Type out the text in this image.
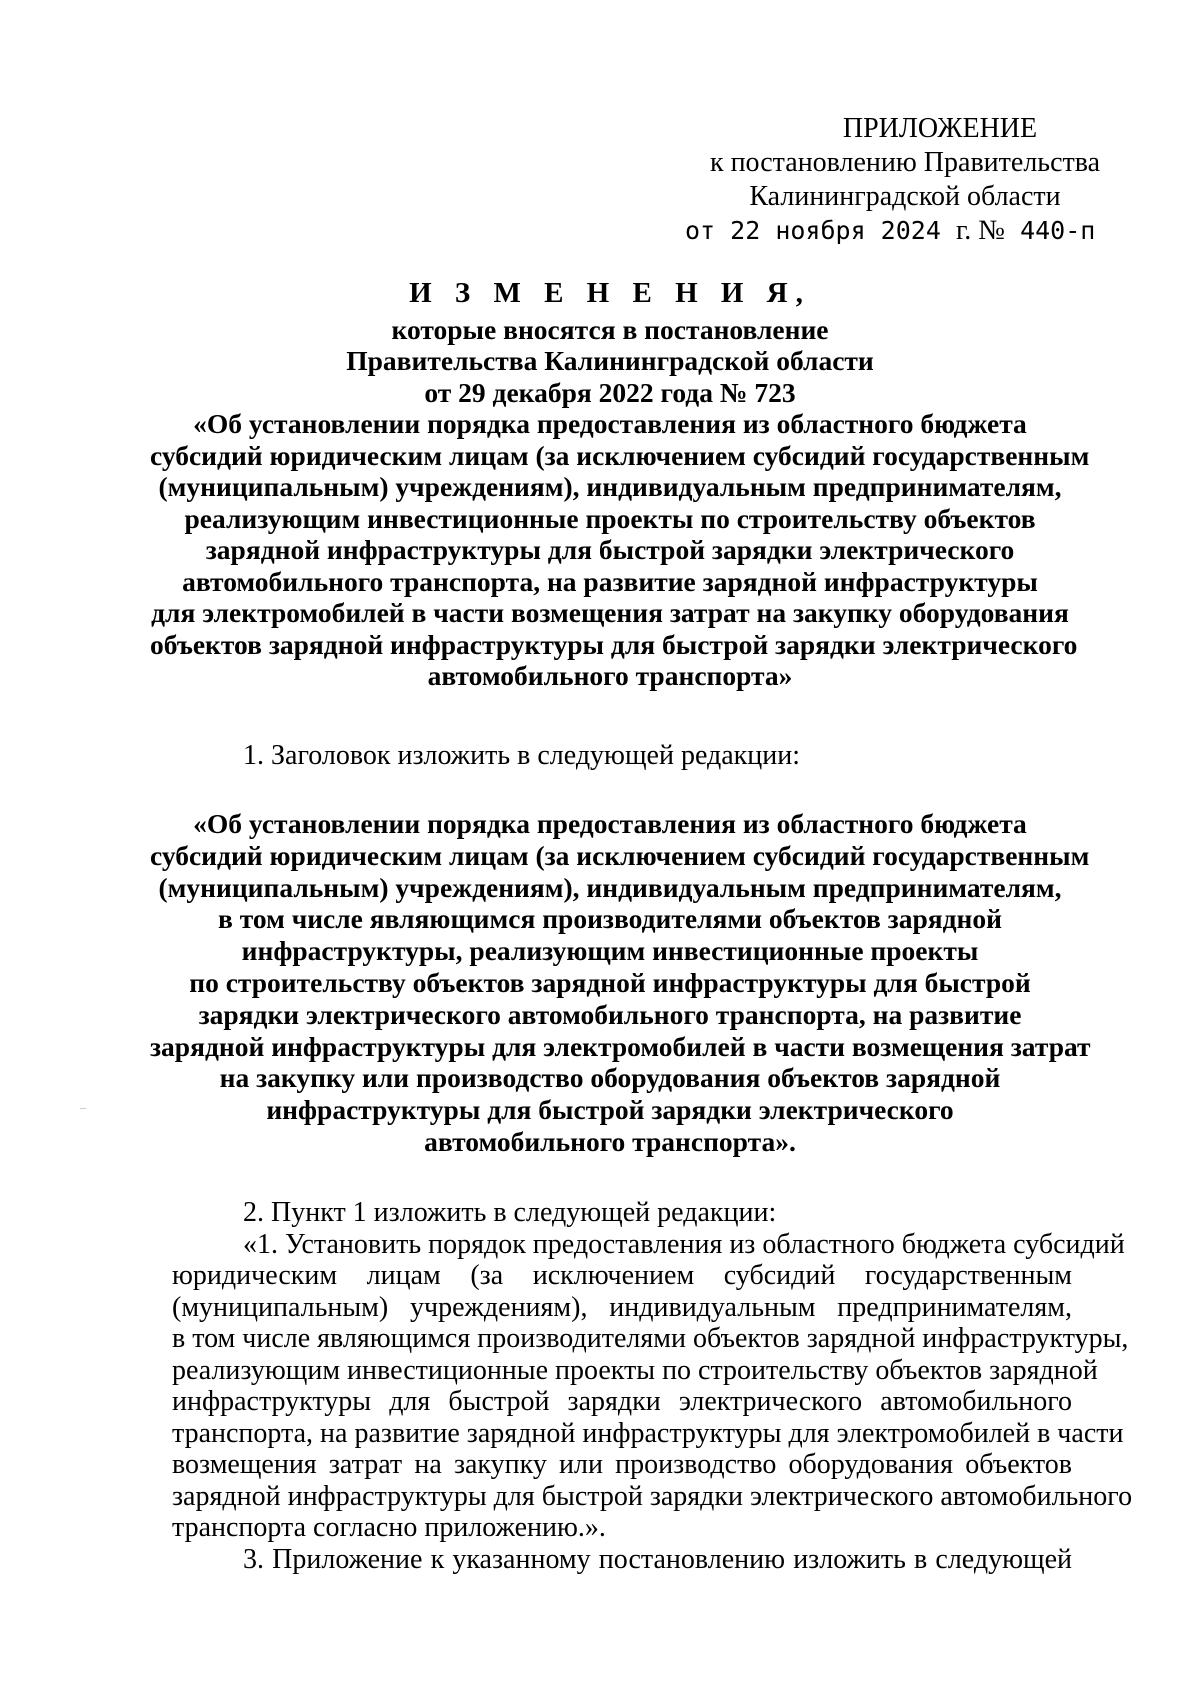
ПРИЛОЖЕНИЕ
к постановлению Правительства
Калининградской области
от 22 ноября 2024 г. № 440-п
И З М Е Н Е Н И Я,
которые вносятся в постановление
Правительства Калининградской области
от 29 декабря 2022 года № 723
«Об установлении порядка предоставления из областного бюджета
субсидий юридическим лицам (за исключением субсидий государственным
(муниципальным) учреждениям), индивидуальным предпринимателям,
реализующим инвестиционные проекты по строительству объектов
зарядной инфраструктуры для быстрой зарядки электрического
автомобильного транспорта, на развитие зарядной инфраструктуры
для электромобилей в части возмещения затрат на закупку оборудования
объектов зарядной инфраструктуры для быстрой зарядки электрического
автомобильного транспорта»
1. Заголовок изложить в следующей редакции:
«Об установлении порядка предоставления из областного бюджета
субсидий юридическим лицам (за исключением субсидий государственным
(муниципальным) учреждениям), индивидуальным предпринимателям,
в том числе являющимся производителями объектов зарядной
инфраструктуры, реализующим инвестиционные проекты
по строительству объектов зарядной инфраструктуры для быстрой
зарядки электрического автомобильного транспорта, на развитие
зарядной инфраструктуры для электромобилей в части возмещения затрат
на закупку или производство оборудования объектов зарядной
инфраструктуры для быстрой зарядки электрического
автомобильного транспорта».
2. Пункт 1 изложить в следующей редакции:
«1. Установить порядок предоставления из областного бюджета субсидий
юридическим лицам (за исключением субсидий государственным
(муниципальным) учреждениям), индивидуальным предпринимателям,
в том числе являющимся производителями объектов зарядной инфраструктуры,
реализующим инвестиционные проекты по строительству объектов зарядной
инфраструктуры для быстрой зарядки электрического автомобильного
транспорта, на развитие зарядной инфраструктуры для электромобилей в части
возмещения затрат на закупку или производство оборудования объектов
зарядной инфраструктуры для быстрой зарядки электрического автомобильного
транспорта согласно приложению.».
3. Приложение к указанному постановлению изложить в следующей
